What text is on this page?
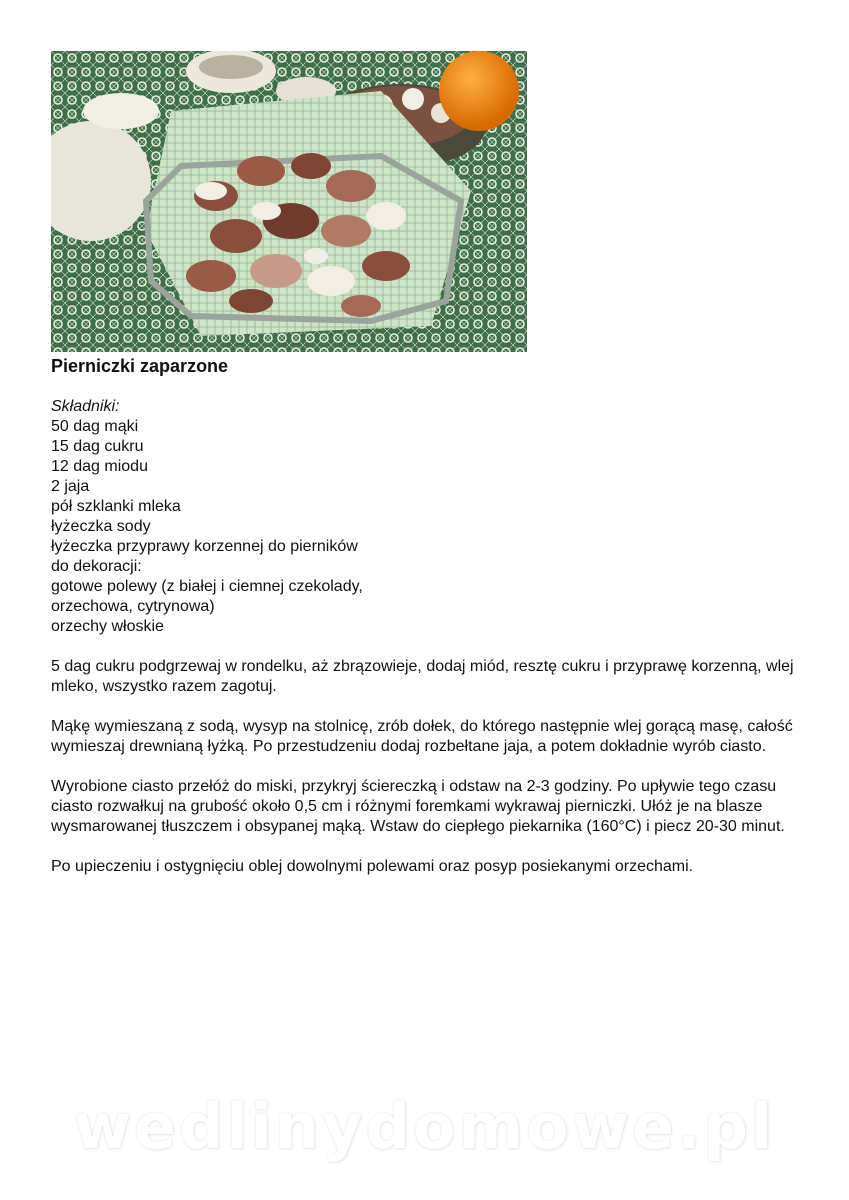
Pierniczki zaparzone
Składniki:
50 dag mąki
15 dag cukru
12 dag miodu
2 jaja
pół szklanki mleka
łyżeczka sody
łyżeczka przyprawy korzennej do pierników
do dekoracji:
gotowe polewy (z białej i ciemnej czekolady,
orzechowa, cytrynowa)
orzechy włoskie

5 dag cukru podgrzewaj w rondelku, aż zbrązowieje, dodaj miód, resztę cukru i przyprawę korzenną, wlej mleko, wszystko razem zagotuj.

Mąkę wymieszaną z sodą, wysyp na stolnicę, zrób dołek, do którego następnie wlej gorącą masę, całość wymieszaj drewnianą łyżką. Po przestudzeniu dodaj rozbełtane jaja, a potem dokładnie wyrób ciasto.

Wyrobione ciasto przełóż do miski, przykryj ściereczką i odstaw na 2-3 godziny. Po upływie tego czasu ciasto rozwałkuj na grubość około 0,5 cm i różnymi foremkami wykrawaj pierniczki. Ułóż je na blasze wysmarowanej tłuszczem i obsypanej mąką. Wstaw do ciepłego piekarnika (160°C) i piecz 20-30 minut.

Po upieczeniu i ostygnięciu oblej dowolnymi polewami oraz posyp posiekanymi orzechami.

wedlinydomowe.pl
